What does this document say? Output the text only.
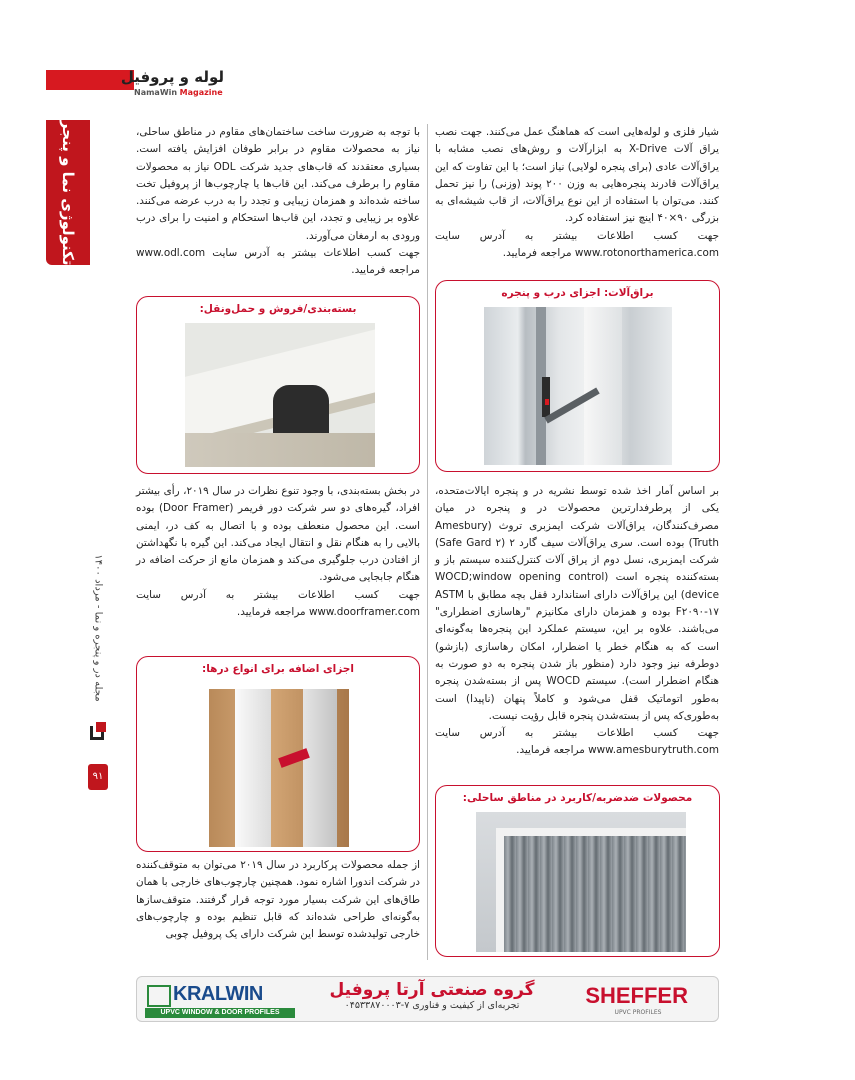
لوله و پروفیل
NamaWin Magazine
تکنولوژی نما و پنجره
مجله در و پنجره و نما - مرداد ۱۴۰۰
۹۱

شیار فلزی و لوله‌هایی است که هماهنگ عمل می‌کنند. جهت نصب یراق آلات X-Drive به ابزارآلات و روش‌های نصب مشابه با یراق‌آلات عادی (برای پنجره لولایی) نیاز است؛ با این تفاوت که این یراق‌آلات قادرند پنجره‌هایی به وزن ۲۰۰ پوند (وزنی) را نیز تحمل کنند. می‌توان با استفاده از این نوع یراق‌آلات، از قاب شیشه‌ای به بزرگی ۹۰×۴۰ اینچ نیز استفاده کرد.

جهت کسب اطلاعات بیشتر به آدرس سایت www.rotonorthamerica.com مراجعه فرمایید.

براق‌آلات: اجزای درب و پنجره

بر اساس آمار اخذ شده توسط نشریه در و پنجره ایالات‌متحده، یکی از پرطرفدارترین محصولات در و پنجره در میان مصرف‌کنندگان، یراق‌آلات شرکت ایمزبری تروث (Amesbury Truth) بوده است. سری یراق‌آلات سیف گارد ۲ (Safe Gard ۲) شرکت ایمزبری، نسل دوم از یراق آلات کنترل‌کننده سیستم باز و بسته‌کننده پنجره است (WOCD;window opening control device) این یراق‌آلات دارای استاندارد قفل بچه مطابق با ASTM F۲۰۹۰-۱۷ بوده و همزمان دارای مکانیزم "رهاسازی اضطراری" می‌باشند. علاوه بر این، سیستم عملکرد این پنجره‌ها به‌گونه‌ای است که به هنگام خطر یا اضطرار، امکان رهاسازی (بازشو) دوطرفه نیز وجود دارد (منظور باز شدن پنجره به دو صورت به هنگام اضطرار است). سیستم WOCD پس از بسته‌شدن پنجره به‌طور اتوماتیک قفل می‌شود و کاملاً پنهان (ناپیدا) است به‌طوری‌که پس از بسته‌شدن پنجره قابل رؤیت نیست.

جهت کسب اطلاعات بیشتر به آدرس سایت www.amesburytruth.com مراجعه فرمایید.

محصولات ضدضربه/کاربرد در مناطق ساحلی:

با توجه به ضرورت ساخت ساختمان‌های مقاوم در مناطق ساحلی، نیاز به محصولات مقاوم در برابر طوفان افزایش یافته است. بسیاری معتقدند که قاب‌های جدید شرکت ODL نیاز به محصولات مقاوم را برطرف می‌کند. این قاب‌ها یا چارچوب‌ها از پروفیل تخت ساخته شده‌اند و همزمان زیبایی و تجدد را به درب عرضه می‌کنند. علاوه بر زیبایی و تجدد، این قاب‌ها استحکام و امنیت را برای درب ورودی به ارمغان می‌آورند.

جهت کسب اطلاعات بیشتر به آدرس سایت www.odl.com مراجعه فرمایید.

بسته‌بندی/فروش و حمل‌ونقل:

در بخش بسته‌بندی، با وجود تنوع نظرات در سال ۲۰۱۹، رأی بیشتر افراد، گیره‌های دو سر شرکت دور فریمر (Door Framer) بوده است. این محصول منعطف بوده و با اتصال به کف در، ایمنی بالایی را به هنگام نقل و انتقال ایجاد می‌کند. این گیره با نگهداشتن از افتادن درب جلوگیری می‌کند و همزمان مانع از حرکت اضافه در هنگام جابجایی می‌شود.

جهت کسب اطلاعات بیشتر به آدرس سایت www.doorframer.com مراجعه فرمایید.

اجزای اضافه برای انواع درها:

از جمله محصولات پرکاربرد در سال ۲۰۱۹ می‌توان به متوقف‌کننده در شرکت اندورا اشاره نمود. همچنین چارچوب‌های خارجی با همان طاق‌های این شرکت بسیار مورد توجه قرار گرفتند. متوقف‌سازها به‌گونه‌ای طراحی شده‌اند که قابل تنظیم بوده و چارچوب‌های خارجی تولیدشده توسط این شرکت دارای یک پروفیل چوبی

KRALWIN
UPVC WINDOW & DOOR PROFILES
گروه صنعتی آرتا پروفیل
تجربه‌ای از کیفیت و فناوری ۷-۰۴۵۳۳۸۷۰۰۰۳	SHEFFER
UPVC PROFILES
